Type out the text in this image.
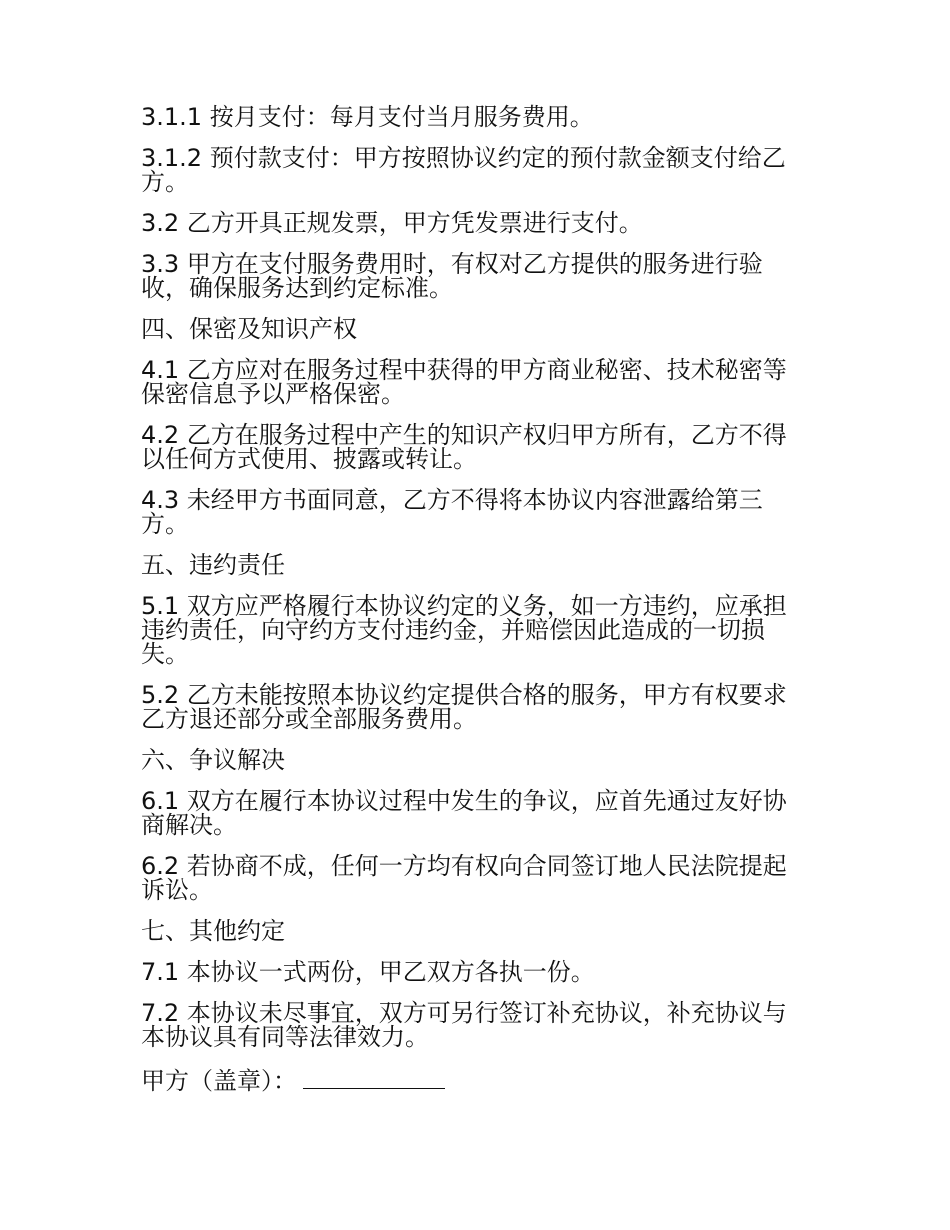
3.1.1 按月支付：每月支付当月服务费用。

3.1.2 预付款支付：甲方按照协议约定的预付款金额支付给乙方。

3.2 乙方开具正规发票，甲方凭发票进行支付。

3.3 甲方在支付服务费用时，有权对乙方提供的服务进行验收，确保服务达到约定标准。

四、保密及知识产权

4.1 乙方应对在服务过程中获得的甲方商业秘密、技术秘密等保密信息予以严格保密。

4.2 乙方在服务过程中产生的知识产权归甲方所有，乙方不得以任何方式使用、披露或转让。

4.3 未经甲方书面同意，乙方不得将本协议内容泄露给第三方。

五、违约责任

5.1 双方应严格履行本协议约定的义务，如一方违约，应承担违约责任，向守约方支付违约金，并赔偿因此造成的一切损失。

5.2 乙方未能按照本协议约定提供合格的服务，甲方有权要求乙方退还部分或全部服务费用。

六、争议解决

6.1 双方在履行本协议过程中发生的争议，应首先通过友好协商解决。

6.2 若协商不成，任何一方均有权向合同签订地人民法院提起诉讼。

七、其他约定

7.1 本协议一式两份，甲乙双方各执一份。

7.2 本协议未尽事宜，双方可另行签订补充协议，补充协议与本协议具有同等法律效力。

甲方（盖章）：
